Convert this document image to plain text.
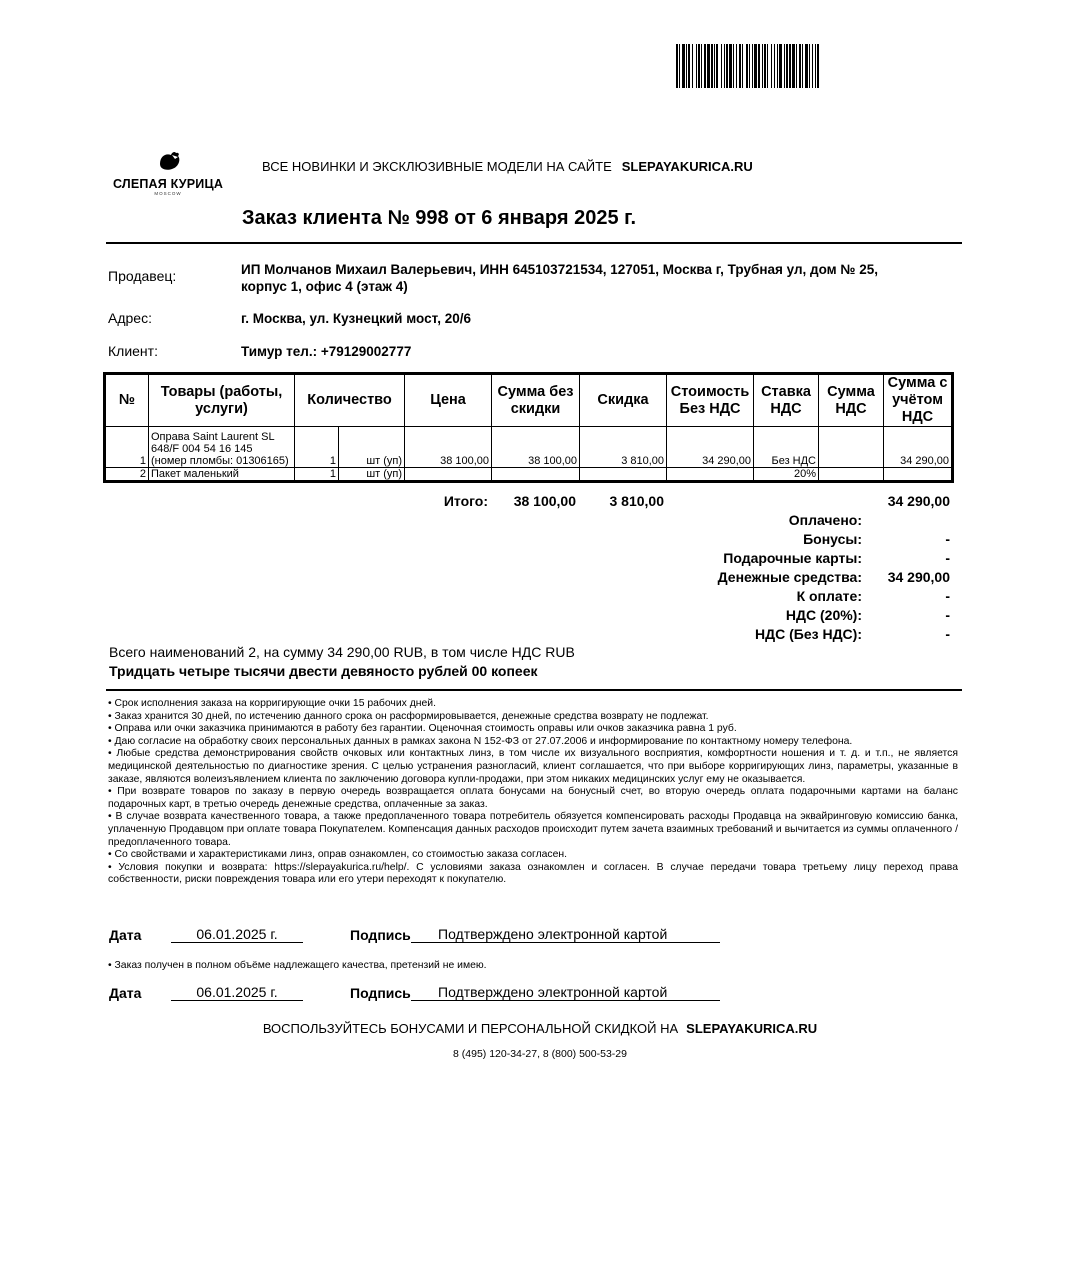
СЛЕПАЯ КУРИЦА
MOSCOW
ВСЕ НОВИНКИ И ЭКСКЛЮЗИВНЫЕ МОДЕЛИ НА САЙТЕ SLEPAYAKURICA.RU
Заказ клиента № 998 от 6 января 2025 г.
Продавец:	ИП Молчанов Михаил Валерьевич, ИНН 645103721534, 127051, Москва г, Трубная ул, дом № 25,
корпус 1, офис 4 (этаж 4)
Адрес:	г. Москва, ул. Кузнецкий мост, 20/6
Клиент:	Тимур тел.: +79129002777
№	Товары (работы, услуги)	Количество		Цена	Сумма без скидки	Скидка	Стоимость Без НДС	Ставка НДС	Сумма НДС	Сумма с учётом НДС
1	Оправа Saint Laurent SL
648/F 004 54 16 145
(номер пломбы: 01306165)	1	шт (уп)	38 100,00	38 100,00	3 810,00	34 290,00	Без НДС		34 290,00
2	Пакет маленький	1	шт (уп)					20%		
Итого:	38 100,00	3 810,00	34 290,00
Оплачено:
Бонусы:	-
Подарочные карты:	-
Денежные средства:	34 290,00
К оплате:	-
НДС (20%):	-
НДС (Без НДС):	-
Всего наименований 2, на сумму 34 290,00 RUB, в том числе НДС RUB
Тридцать четыре тысячи двести девяносто рублей 00 копеек

• Срок исполнения заказа на корригирующие очки 15 рабочих дней.

• Заказ хранится 30 дней, по истечению данного срока он расформировывается, денежные средства возврату не подлежат.

• Оправа или очки заказчика принимаются в работу без гарантии. Оценочная стоимость оправы или очков заказчика равна 1 руб.

• Даю согласие на обработку своих персональных данных в рамках закона N 152-ФЗ от 27.07.2006 и информирование по контактному номеру телефона.

• Любые средства демонстрирования свойств очковых или контактных линз, в том числе их визуального восприятия, комфортности ношения и т. д. и т.п., не является медицинской деятельностью по диагностике зрения. С целью устранения разногласий, клиент соглашается, что при выборе корригирующих линз, параметры, указанные в заказе, являются волеизъявлением клиента по заключению договора купли-продажи, при этом никаких медицинских услуг ему не оказывается.

• При возврате товаров по заказу в первую очередь возвращается оплата бонусами на бонусный счет, во вторую очередь оплата подарочными картами на баланс подарочных карт, в третью очередь денежные средства, оплаченные за заказ.

• В случае возврата качественного товара, а также предоплаченного товара потребитель обязуется компенсировать расходы Продавца на эквайринговую комиссию банка, уплаченную Продавцом при оплате товара Покупателем. Компенсация данных расходов происходит путем зачета взаимных требований и вычитается из суммы оплаченного / предоплаченного товара.

• Со свойствами и характеристиками линз, оправ ознакомлен, со стоимостью заказа согласен.

• Условия покупки и возврата: https://slepayakurica.ru/help/. С условиями заказа ознакомлен и согласен. В случае передачи товара третьему лицу переход права собственности, риски повреждения товара или его утери переходят к покупателю.

Дата	06.01.2025 г.	Подпись	Подтверждено электронной картой
• Заказ получен в полном объёме надлежащего качества, претензий не имею.
Дата	06.01.2025 г.	Подпись	Подтверждено электронной картой
ВОСПОЛЬЗУЙТЕСЬ БОНУСАМИ И ПЕРСОНАЛЬНОЙ СКИДКОЙ НА SLEPAYAKURICA.RU
8 (495) 120-34-27, 8 (800) 500-53-29
